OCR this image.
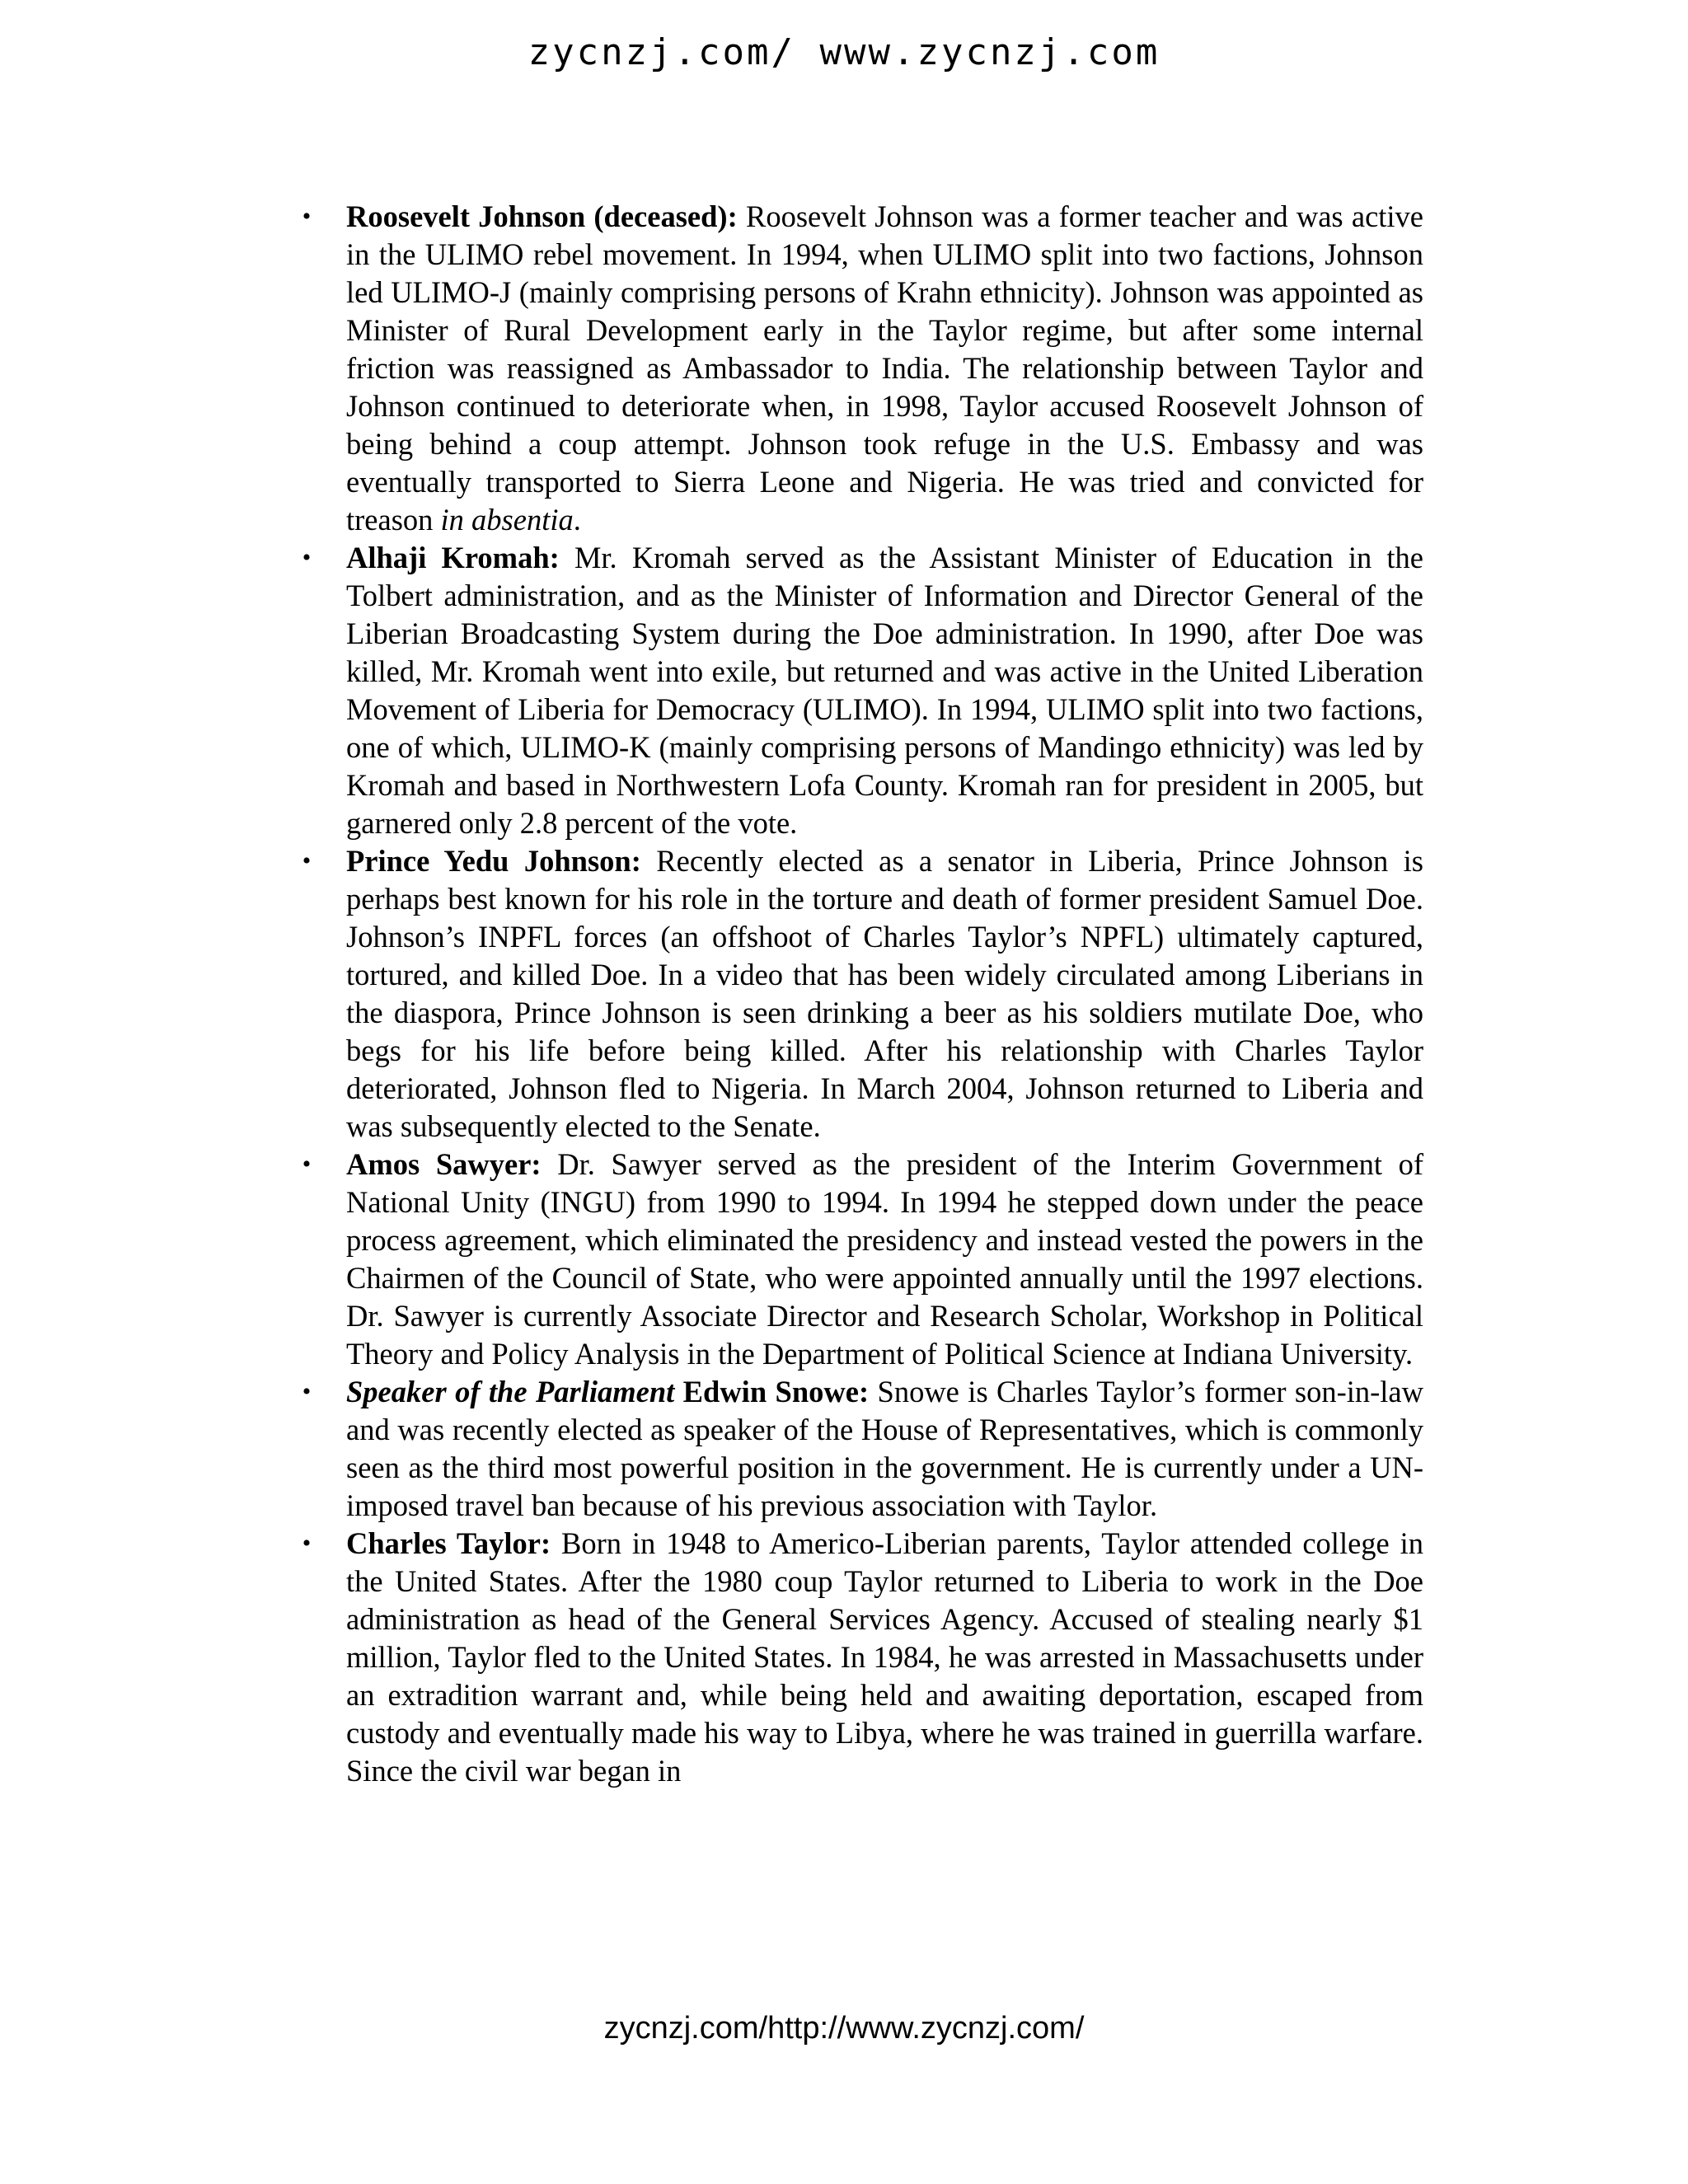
zycnzj.com/ www.zycnzj.com
• Roosevelt Johnson (deceased): Roosevelt Johnson was a former teacher and was active in the ULIMO rebel movement. In 1994, when ULIMO split into two factions, Johnson led ULIMO-J (mainly comprising persons of Krahn ethnicity). Johnson was appointed as Minister of Rural Development early in the Taylor regime, but after some internal friction was reassigned as Ambassador to India. The relationship between Taylor and Johnson continued to deteriorate when, in 1998, Taylor accused Roosevelt Johnson of being behind a coup attempt. Johnson took refuge in the U.S. Embassy and was eventually transported to Sierra Leone and Nigeria. He was tried and convicted for treason in absentia.
• Alhaji Kromah: Mr. Kromah served as the Assistant Minister of Education in the Tolbert administration, and as the Minister of Information and Director General of the Liberian Broadcasting System during the Doe administration. In 1990, after Doe was killed, Mr. Kromah went into exile, but returned and was active in the United Liberation Movement of Liberia for Democracy (ULIMO). In 1994, ULIMO split into two factions, one of which, ULIMO-K (mainly comprising persons of Mandingo ethnicity) was led by Kromah and based in Northwestern Lofa County. Kromah ran for president in 2005, but garnered only 2.8 percent of the vote.
• Prince Yedu Johnson: Recently elected as a senator in Liberia, Prince Johnson is perhaps best known for his role in the torture and death of former president Samuel Doe. Johnson’s INPFL forces (an offshoot of Charles Taylor’s NPFL) ultimately captured, tortured, and killed Doe. In a video that has been widely circulated among Liberians in the diaspora, Prince Johnson is seen drinking a beer as his soldiers mutilate Doe, who begs for his life before being killed. After his relationship with Charles Taylor deteriorated, Johnson fled to Nigeria. In March 2004, Johnson returned to Liberia and was subsequently elected to the Senate.
• Amos Sawyer: Dr. Sawyer served as the president of the Interim Government of National Unity (INGU) from 1990 to 1994. In 1994 he stepped down under the peace process agreement, which eliminated the presidency and instead vested the powers in the Chairmen of the Council of State, who were appointed annually until the 1997 elections. Dr. Sawyer is currently Associate Director and Research Scholar, Workshop in Political Theory and Policy Analysis in the Department of Political Science at Indiana University.
• Speaker of the Parliament Edwin Snowe: Snowe is Charles Taylor’s former son-in-law and was recently elected as speaker of the House of Representatives, which is commonly seen as the third most powerful position in the government. He is currently under a UN-imposed travel ban because of his previous association with Taylor.
• Charles Taylor: Born in 1948 to Americo-Liberian parents, Taylor attended college in the United States. After the 1980 coup Taylor returned to Liberia to work in the Doe administration as head of the General Services Agency. Accused of stealing nearly $1 million, Taylor fled to the United States. In 1984, he was arrested in Massachusetts under an extradition warrant and, while being held and awaiting deportation, escaped from custody and eventually made his way to Libya, where he was trained in guerrilla warfare. Since the civil war began in
zycnzj.com/http://www.zycnzj.com/
